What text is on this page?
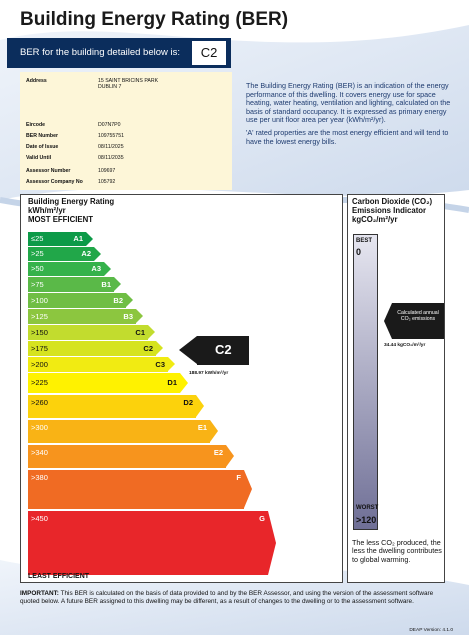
Building Energy Rating (BER)
BER for the building detailed below is:	C2
Address	15 SAINT BRICINS PARK
DUBLIN 7
Eircode	D07N7P0
BER Number	109755751
Date of Issue	08/11/2025
Valid Until	08/11/2035
Assessor Number	109697
Assessor Company No	105792

The Building Energy Rating (BER) is an indication of the energy performance of this dwelling. It covers energy use for space heating, water heating, ventilation and lighting, calculated on the basis of standard occupancy. It is expressed as primary energy use per unit floor area per year (kWh/m²/yr).

'A' rated properties are the most energy efficient and will tend to have the lowest energy bills.

Building Energy Rating
kWh/m²/yr
MOST EFFICIENT
≤25	A1
>25	A2
>50	A3
>75	B1
>100	B2
>125	B3
>150	C1
>175	C2
>200	C3
>225	D1
>260	D2
>300	E1
>340	E2
>380	F
>450	G
C2
188.97 kWh/m²/yr
LEAST EFFICIENT
Carbon Dioxide (CO₂)
Emissions Indicator
kgCO₂/m²/yr
BEST
0
WORST
>120
Calculated annual CO₂ emissions
34.44 kgCO₂/m²/yr
The less CO₂ produced, the less the dwelling contributes to global warming.
IMPORTANT: This BER is calculated on the basis of data provided to and by the BER Assessor, and using the version of the assessment software quoted below. A future BER assigned to this dwelling may be different, as a result of changes to the dwelling or to the assessment software.
DEAP Version: 4.1.0
